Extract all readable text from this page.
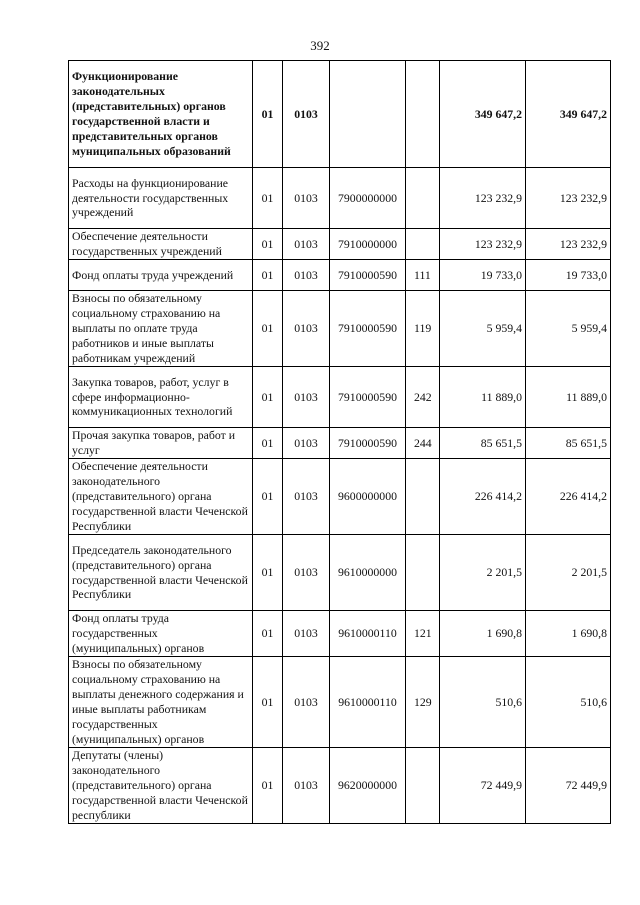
392
Функционирование законодательных (представительных) органов государственной власти и представительных органов муниципальных образований	01	0103			349 647,2	349 647,2
Расходы на функционирование деятельности государственных учреждений	01	0103	7900000000		123 232,9	123 232,9
Обеспечение деятельности государственных учреждений	01	0103	7910000000		123 232,9	123 232,9
Фонд оплаты труда учреждений	01	0103	7910000590	111	19 733,0	19 733,0
Взносы по обязательному социальному страхованию на выплаты по оплате труда работников и иные выплаты работникам учреждений	01	0103	7910000590	119	5 959,4	5 959,4
Закупка товаров, работ, услуг в сфере информационно-коммуникационных технологий	01	0103	7910000590	242	11 889,0	11 889,0
Прочая закупка товаров, работ и услуг	01	0103	7910000590	244	85 651,5	85 651,5
Обеспечение деятельности законодательного (представительного) органа государственной власти Чеченской Республики	01	0103	9600000000		226 414,2	226 414,2
Председатель законодательного (представительного) органа государственной власти Чеченской Республики	01	0103	9610000000		2 201,5	2 201,5
Фонд оплаты труда государственных (муниципальных) органов	01	0103	9610000110	121	1 690,8	1 690,8
Взносы по обязательному социальному страхованию на выплаты денежного содержания и иные выплаты работникам государственных (муниципальных) органов	01	0103	9610000110	129	510,6	510,6
Депутаты (члены) законодательного (представительного) органа государственной власти Чеченской республики	01	0103	9620000000		72 449,9	72 449,9
